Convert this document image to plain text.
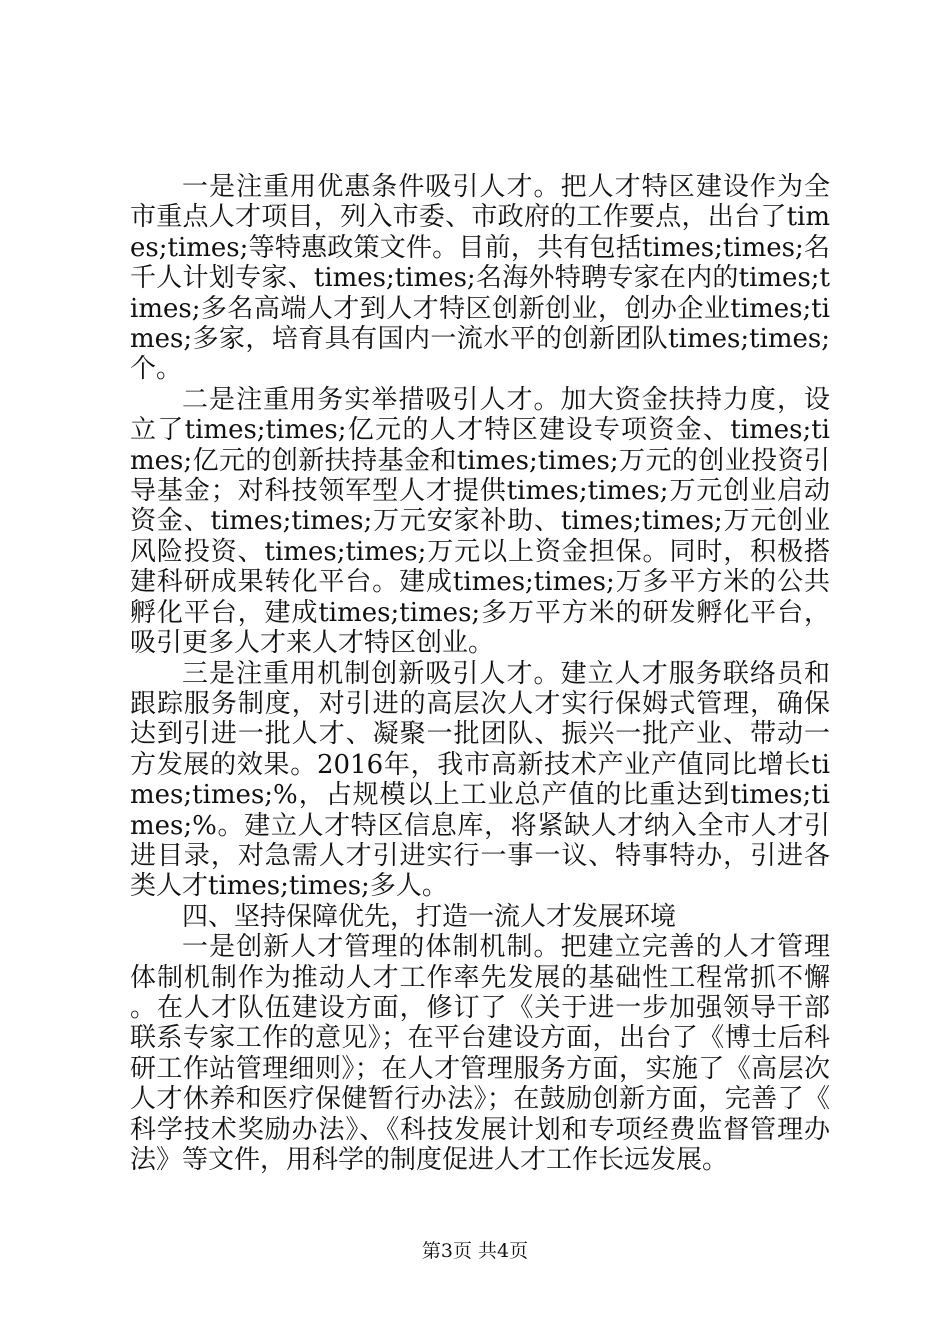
一是注重用优惠条件吸引人才。把人才特区建设作为全市重点人才项目，列入市委、市政府的工作要点，出台了times;times;等特惠政策文件。目前，共有包括times;times;名千人计划专家、times;times;名海外特聘专家在内的times;times;多名高端人才到人才特区创新创业，创办企业times;times;多家，培育具有国内一流水平的创新团队times;times;个。

二是注重用务实举措吸引人才。加大资金扶持力度，设立了times;times;亿元的人才特区建设专项资金、times;times;亿元的创新扶持基金和times;times;万元的创业投资引导基金；对科技领军型人才提供times;times;万元创业启动资金、times;times;万元安家补助、times;times;万元创业风险投资、times;times;万元以上资金担保。同时，积极搭建科研成果转化平台。建成times;times;万多平方米的公共孵化平台，建成times;times;多万平方米的研发孵化平台，吸引更多人才来人才特区创业。

三是注重用机制创新吸引人才。建立人才服务联络员和跟踪服务制度，对引进的高层次人才实行保姆式管理，确保达到引进一批人才、凝聚一批团队、振兴一批产业、带动一方发展的效果。2016年，我市高新技术产业产值同比增长times;times;%，占规模以上工业总产值的比重达到times;times;%。建立人才特区信息库，将紧缺人才纳入全市人才引进目录，对急需人才引进实行一事一议、特事特办，引进各类人才times;times;多人。

四、坚持保障优先，打造一流人才发展环境

一是创新人才管理的体制机制。把建立完善的人才管理体制机制作为推动人才工作率先发展的基础性工程常抓不懈。在人才队伍建设方面，修订了《关于进一步加强领导干部联系专家工作的意见》；在平台建设方面，出台了《博士后科研工作站管理细则》；在人才管理服务方面，实施了《高层次人才休养和医疗保健暂行办法》；在鼓励创新方面，完善了《科学技术奖励办法》、《科技发展计划和专项经费监督管理办法》等文件，用科学的制度促进人才工作长远发展。

第3页 共4页
